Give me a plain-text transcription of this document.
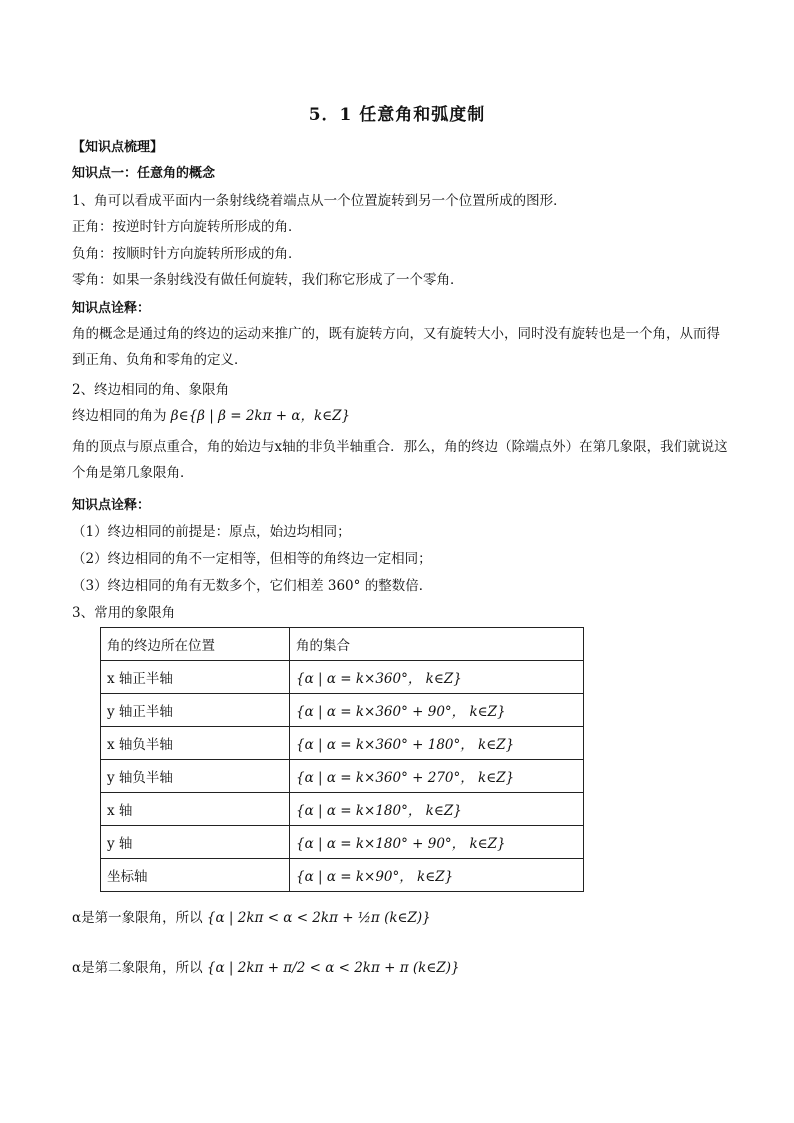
5．1 任意角和弧度制
【知识点梳理】
知识点一：任意角的概念
1、角可以看成平面内一条射线绕着端点从一个位置旋转到另一个位置所成的图形．
正角：按逆时针方向旋转所形成的角．
负角：按顺时针方向旋转所形成的角．
零角：如果一条射线没有做任何旋转，我们称它形成了一个零角．
知识点诠释：
角的概念是通过角的终边的运动来推广的，既有旋转方向，又有旋转大小，同时没有旋转也是一个角，从而得到正角、负角和零角的定义．
2、终边相同的角、象限角
终边相同的角为 β∈{β | β = 2kπ + α，k∈Z}
角的顶点与原点重合，角的始边与x轴的非负半轴重合．那么，角的终边（除端点外）在第几象限，我们就说这个角是第几象限角．
知识点诠释：
（1）终边相同的前提是：原点，始边均相同；
（2）终边相同的角不一定相等，但相等的角终边一定相同；
（3）终边相同的角有无数多个，它们相差 360° 的整数倍．
3、常用的象限角
角的终边所在位置	角的集合
x 轴正半轴	{α | α = k×360°， k∈Z}
y 轴正半轴	{α | α = k×360° + 90°， k∈Z}
x 轴负半轴	{α | α = k×360° + 180°， k∈Z}
y 轴负半轴	{α | α = k×360° + 270°， k∈Z}
x 轴	{α | α = k×180°， k∈Z}
y 轴	{α | α = k×180° + 90°， k∈Z}
坐标轴	{α | α = k×90°， k∈Z}
α是第一象限角，所以 {α | 2kπ < α < 2kπ + ½π (k∈Z)}
α是第二象限角，所以 {α | 2kπ + π/2 < α < 2kπ + π (k∈Z)}
